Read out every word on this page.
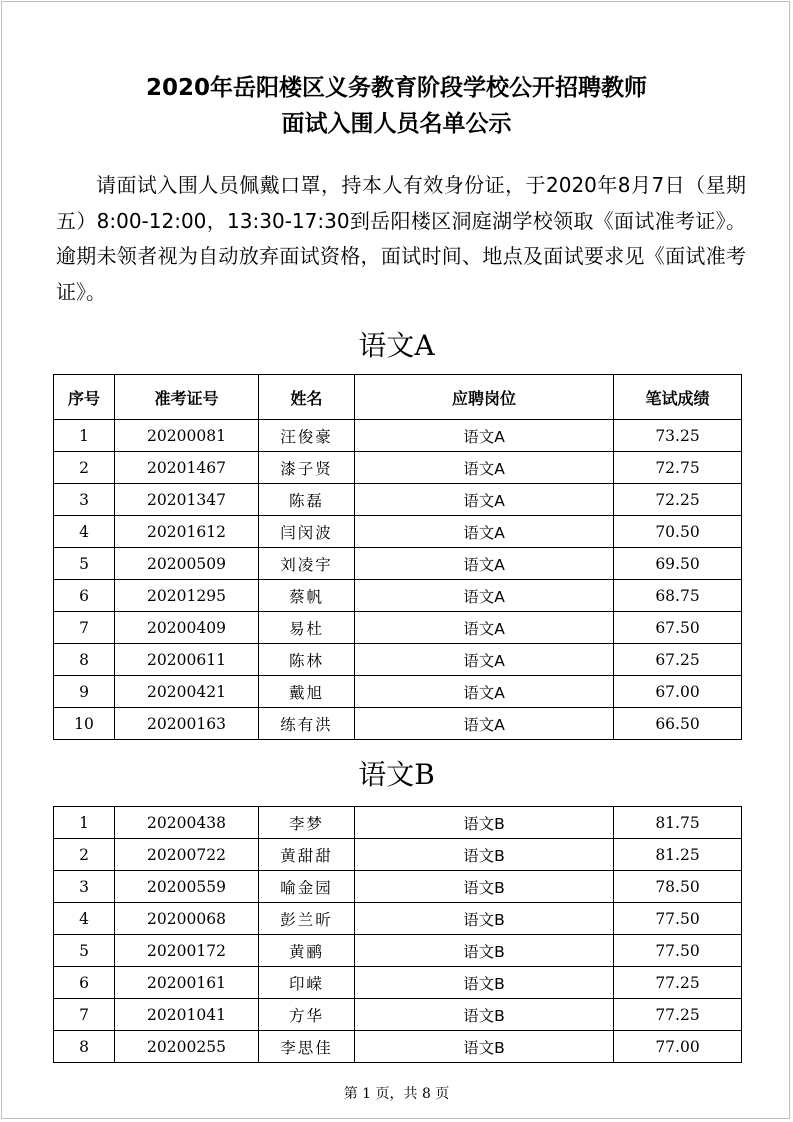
2020年岳阳楼区义务教育阶段学校公开招聘教师
面试入围人员名单公示

请面试入围人员佩戴口罩，持本人有效身份证，于2020年8月7日（星期五）8:00-12:00，13:30-17:30到岳阳楼区洞庭湖学校领取《面试准考证》。逾期未领者视为自动放弃面试资格，面试时间、地点及面试要求见《面试准考证》。

语文A
序号	准考证号	姓名	应聘岗位	笔试成绩
1	20200081	汪俊豪	语文A	73.25
2	20201467	漆子贤	语文A	72.75
3	20201347	陈磊	语文A	72.25
4	20201612	闫闵波	语文A	70.50
5	20200509	刘凌宇	语文A	69.50
6	20201295	蔡帆	语文A	68.75
7	20200409	易杜	语文A	67.50
8	20200611	陈林	语文A	67.25
9	20200421	戴旭	语文A	67.00
10	20200163	练有洪	语文A	66.50
语文B
1	20200438	李梦	语文B	81.75
2	20200722	黄甜甜	语文B	81.25
3	20200559	喻金园	语文B	78.50
4	20200068	彭兰昕	语文B	77.50
5	20200172	黄鹂	语文B	77.50
6	20200161	印嵘	语文B	77.25
7	20201041	方华	语文B	77.25
8	20200255	李思佳	语文B	77.00
第 1 页，共 8 页
